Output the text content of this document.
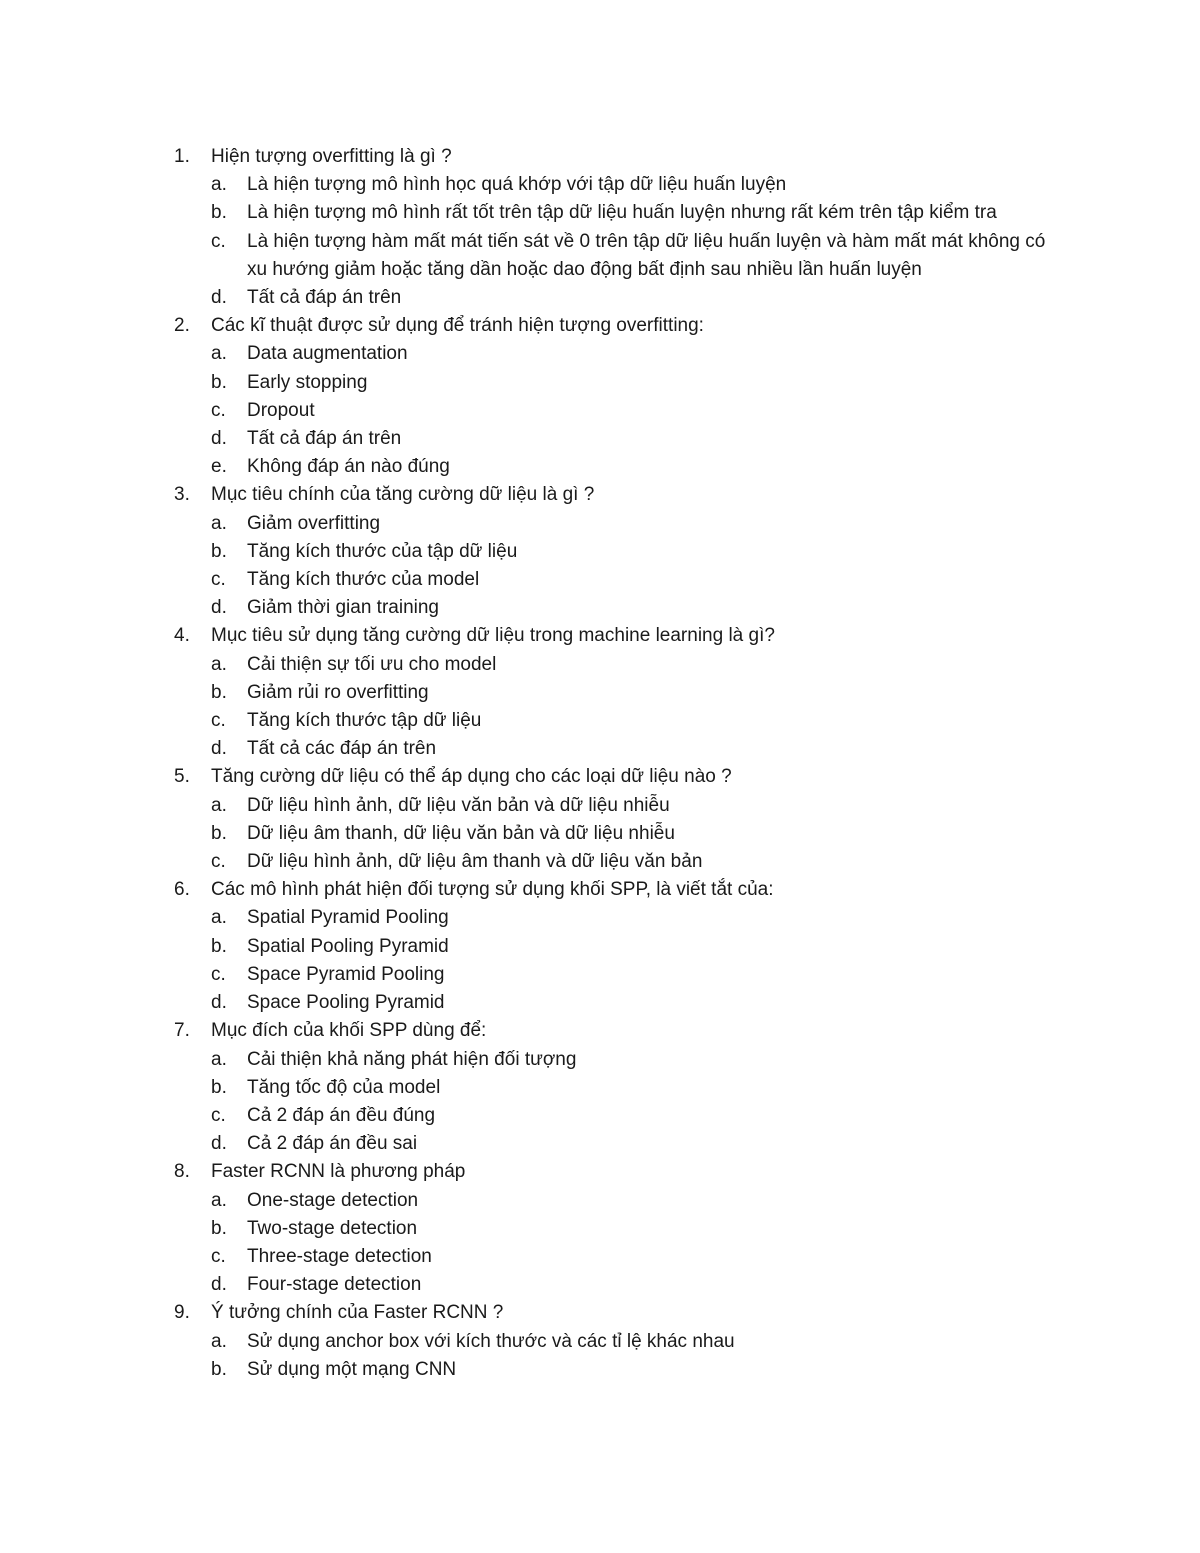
1.	Hiện tượng overfitting là gì ?
a.	Là hiện tượng mô hình học quá khớp với tập dữ liệu huấn luyện
b.	Là hiện tượng mô hình rất tốt trên tập dữ liệu huấn luyện nhưng rất kém trên tập kiểm tra
c.	Là hiện tượng hàm mất mát tiến sát về 0 trên tập dữ liệu huấn luyện và hàm mất mát không có xu hướng giảm hoặc tăng dần hoặc dao động bất định sau nhiều lần huấn luyện
d.	Tất cả đáp án trên
2.	Các kĩ thuật được sử dụng để tránh hiện tượng overfitting:
a.	Data augmentation
b.	Early stopping
c.	Dropout
d.	Tất cả đáp án trên
e.	Không đáp án nào đúng
3.	Mục tiêu chính của tăng cường dữ liệu là gì ?
a.	Giảm overfitting
b.	Tăng kích thước của tập dữ liệu
c.	Tăng kích thước của model
d.	Giảm thời gian training
4.	Mục tiêu sử dụng tăng cường dữ liệu trong machine learning là gì?
a.	Cải thiện sự tối ưu cho model
b.	Giảm rủi ro overfitting
c.	Tăng kích thước tập dữ liệu
d.	Tất cả các đáp án trên
5.	Tăng cường dữ liệu có thể áp dụng cho các loại dữ liệu nào ?
a.	Dữ liệu hình ảnh, dữ liệu văn bản và dữ liệu nhiễu
b.	Dữ liệu âm thanh, dữ liệu văn bản và dữ liệu nhiễu
c.	Dữ liệu hình ảnh, dữ liệu âm thanh và dữ liệu văn bản
6.	Các mô hình phát hiện đối tượng sử dụng khối SPP, là viết tắt của:
a.	Spatial Pyramid Pooling
b.	Spatial Pooling Pyramid
c.	Space Pyramid Pooling
d.	Space Pooling Pyramid
7.	Mục đích của khối SPP dùng để:
a.	Cải thiện khả năng phát hiện đối tượng
b.	Tăng tốc độ của model
c.	Cả 2 đáp án đều đúng
d.	Cả 2 đáp án đều sai
8.	Faster RCNN là phương pháp
a.	One-stage detection
b.	Two-stage detection
c.	Three-stage detection
d.	Four-stage detection
9.	Ý tưởng chính của Faster RCNN ?
a.	Sử dụng anchor box với kích thước và các tỉ lệ khác nhau
b.	Sử dụng một mạng CNN
